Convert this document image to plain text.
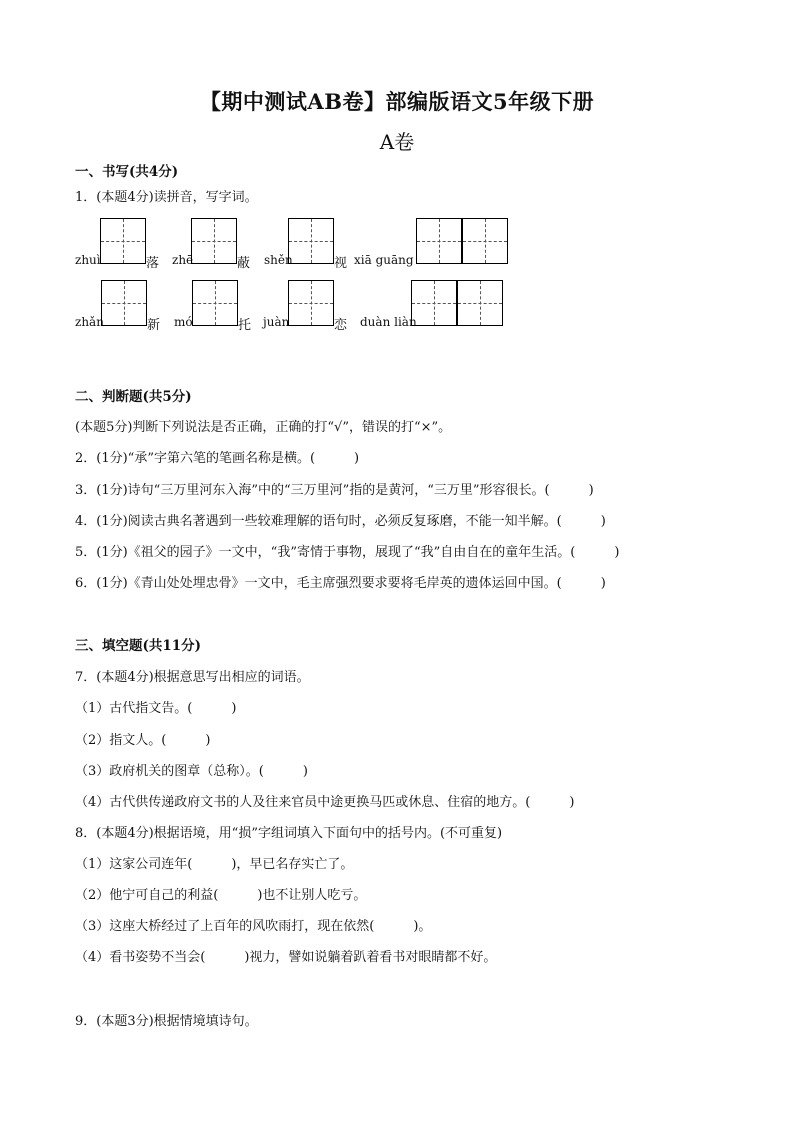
【期中测试AB卷】部编版语文5年级下册
A卷
一、书写(共4分)
1．(本题4分)读拼音，写字词。
zhuì	落 zhē	蔽 shěn	视 xiā guāng
zhǎn	新 mó	托 juàn	恋 duàn liàn
二、判断题(共5分)
(本题5分)判断下列说法是否正确，正确的打“√”，错误的打“×”。
2．(1分)“承”字第六笔的笔画名称是横。(　　　)
3．(1分)诗句“三万里河东入海”中的“三万里河”指的是黄河，“三万里”形容很长。(　　　)
4．(1分)阅读古典名著遇到一些较难理解的语句时，必须反复琢磨，不能一知半解。(　　　)
5．(1分)《祖父的园子》一文中，“我”寄情于事物，展现了“我”自由自在的童年生活。(　　　)
6．(1分)《青山处处埋忠骨》一文中，毛主席强烈要求要将毛岸英的遗体运回中国。(　　　)
三、填空题(共11分)
7．(本题4分)根据意思写出相应的词语。
（1）古代指文告。(　　　)
（2）指文人。(　　　)
（3）政府机关的图章（总称）。(　　　)
（4）古代供传递政府文书的人及往来官员中途更换马匹或休息、住宿的地方。(　　　)
8．(本题4分)根据语境，用“损”字组词填入下面句中的括号内。(不可重复)
（1）这家公司连年(　　　)，早已名存实亡了。
（2）他宁可自己的利益(　　　)也不让别人吃亏。
（3）这座大桥经过了上百年的风吹雨打，现在依然(　　　)。
（4）看书姿势不当会(　　　)视力，譬如说躺着趴着看书对眼睛都不好。
9．(本题3分)根据情境填诗句。
